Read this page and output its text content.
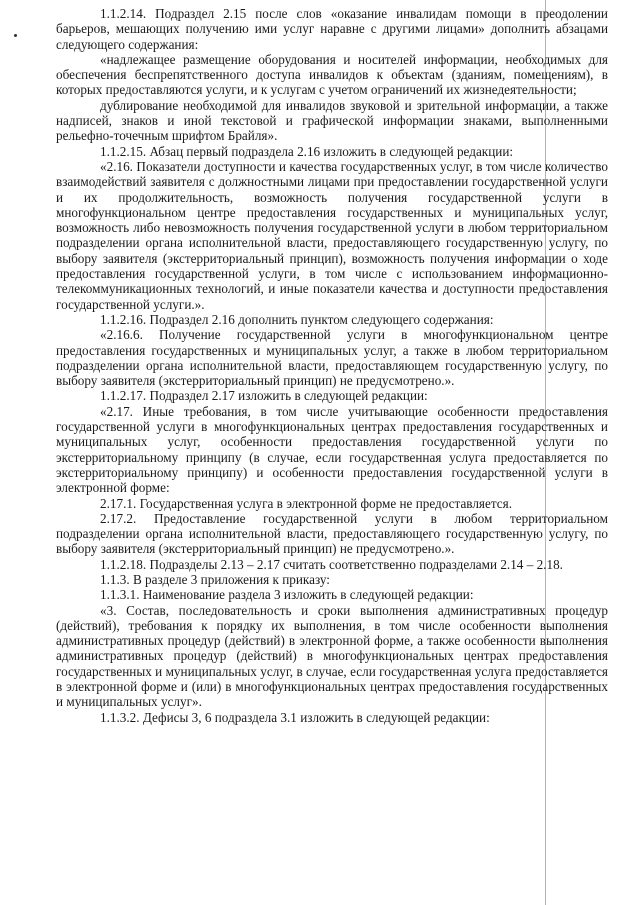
1.1.2.14. Подраздел 2.15 после слов «оказание инвалидам помощи в преодолении барьеров, мешающих получению ими услуг наравне с другими лицами» дополнить абзацами следующего содержания:

«надлежащее размещение оборудования и носителей информации, необходимых для обеспечения беспрепятственного доступа инвалидов к объектам (зданиям, помещениям), в которых предоставляются услуги, и к услугам с учетом ограничений их жизнедеятельности;

дублирование необходимой для инвалидов звуковой и зрительной информации, а также надписей, знаков и иной текстовой и графической информации знаками, выполненными рельефно-точечным шрифтом Брайля».

1.1.2.15. Абзац первый подраздела 2.16 изложить в следующей редакции:

«2.16. Показатели доступности и качества государственных услуг, в том числе количество взаимодействий заявителя с должностными лицами при предоставлении государственной услуги и их продолжительность, возможность получения государственной услуги в многофункциональном центре предоставления государственных и муниципальных услуг, возможность либо невозможность получения государственной услуги в любом территориальном подразделении органа исполнительной власти, предоставляющего государственную услугу, по выбору заявителя (экстерриториальный принцип), возможность получения информации о ходе предоставления государственной услуги, в том числе с использованием информационно-телекоммуникационных технологий, и иные показатели качества и доступности предоставления государственной услуги.».

1.1.2.16. Подраздел 2.16 дополнить пунктом следующего содержания:

«2.16.6. Получение государственной услуги в многофункциональном центре предоставления государственных и муниципальных услуг, а также в любом территориальном подразделении органа исполнительной власти, предоставляющем государственную услугу, по выбору заявителя (экстерриториальный принцип) не предусмотрено.».

1.1.2.17. Подраздел 2.17 изложить в следующей редакции:

«2.17. Иные требования, в том числе учитывающие особенности предоставления государственной услуги в многофункциональных центрах предоставления государственных и муниципальных услуг, особенности предоставления государственной услуги по экстерриториальному принципу (в случае, если государственная услуга предоставляется по экстерриториальному принципу) и особенности предоставления государственной услуги в электронной форме:

2.17.1. Государственная услуга в электронной форме не предоставляется.

2.17.2. Предоставление государственной услуги в любом территориальном подразделении органа исполнительной власти, предоставляющего государственную услугу, по выбору заявителя (экстерриториальный принцип) не предусмотрено.».

1.1.2.18. Подразделы 2.13 – 2.17 считать соответственно подразделами 2.14 – 2.18.

1.1.3. В разделе 3 приложения к приказу:

1.1.3.1. Наименование раздела 3 изложить в следующей редакции:

«3. Состав, последовательность и сроки выполнения административных процедур (действий), требования к порядку их выполнения, в том числе особенности выполнения административных процедур (действий) в электронной форме, а также особенности выполнения административных процедур (действий) в многофункциональных центрах предоставления государственных и муниципальных услуг, в случае, если государственная услуга предоставляется в электронной форме и (или) в многофункциональных центрах предоставления государственных и муниципальных услуг».

1.1.3.2. Дефисы 3, 6 подраздела 3.1 изложить в следующей редакции:
